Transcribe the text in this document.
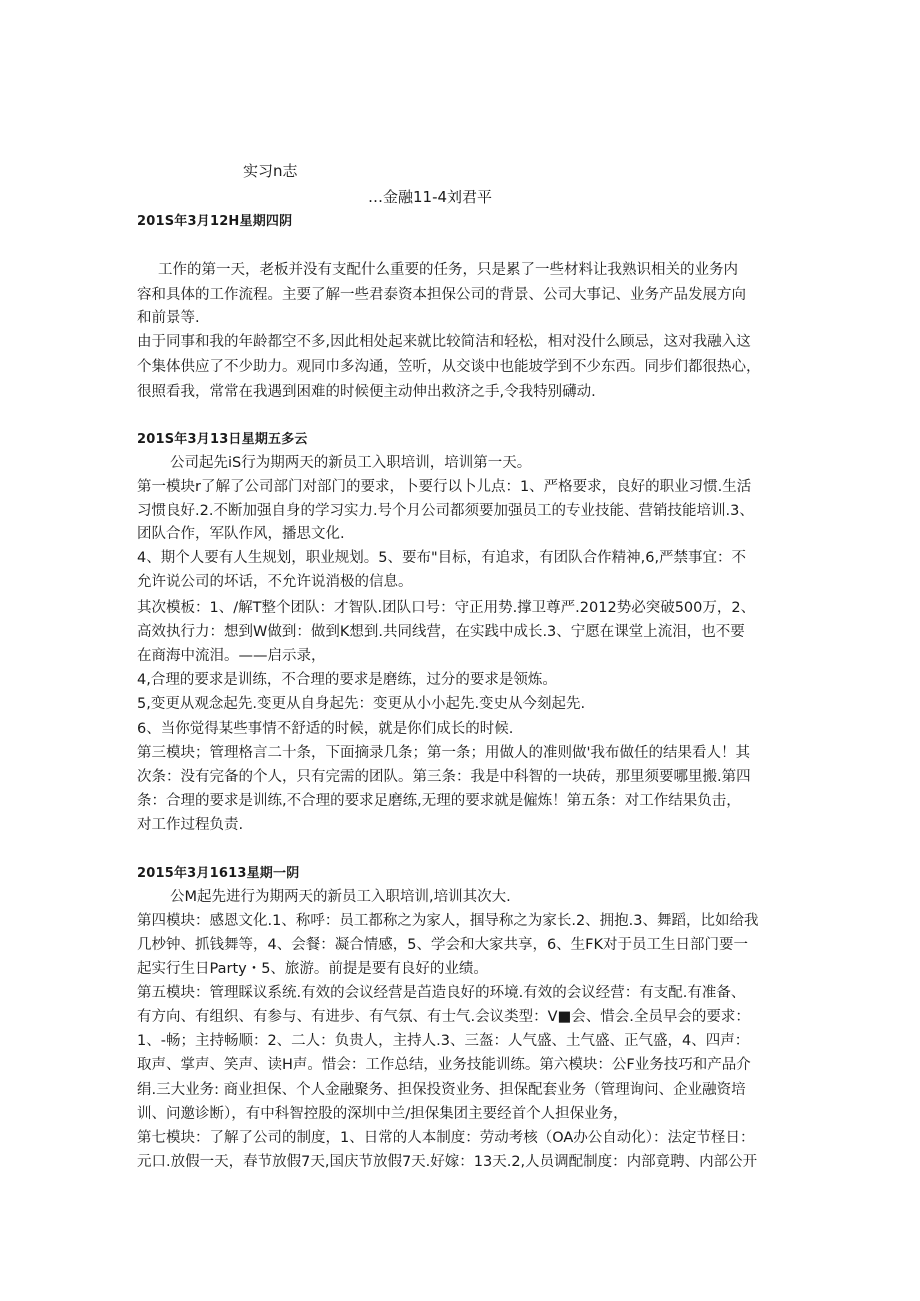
实习n志
…金融11-4刘君平
201S年3月12H星期四阴
工作的第一天，老板并没有支配什么重要的任务，只是累了一些材料让我熟识相关的业务内
容和具体的工作流程。主要了解一些君泰资本担保公司的背景、公司大事记、业务产品发展方向
和前景等.
由于同事和我的年龄都空不多,因此相处起来就比较简洁和轻松，相对没什么顾忌，这对我融入这
个集体供应了不少助力。观同巾多沟通，笠听，从交谈中也能坡学到不少东西。同步们都很热心，
很照看我，常常在我遇到困难的时候便主动伸出救济之手,令我特别礴动.
201S年3月13日星期五多云
公司起先iS行为期两天的新员工入职培训，培训第一天。
第一模块r了解了公司部门对部门的要求，卜要行以卜儿点：1、严格要求，良好的职业习惯.生活
习惯良好.2.不断加强自身的学习实力.号个月公司都须要加强员工的专业技能、营销技能培训.3、
团队合作，军队作风，播思文化.
4、期个人要有人生规划，职业规划。5、要布"目标，有追求，有团队合作精神,6,严禁事宜：不
允许说公司的坏话，不允许说消极的信息。
其次模板：1、/解T整个团队：才智队.团队口号：守正用势.撑卫尊严.2012势必突破500万，2、
高效执行力：想到W做到：做到K想到.共同线营，在实践中成长.3、宁愿在课堂上流泪，也不要
在商海中流泪。——启示录，
4,合理的要求是训练，不合理的要求是磨练，过分的要求是领炼。
5,变更从观念起先.变更从自身起先：变更从小小起先.变史从今刻起先.
6、当你觉得某些事情不舒适的时候，就是你们成长的时候.
第三模块；管理格言二十条，下面摘录几条；第一条；用做人的准则做'我布做任的结果看人！其
次条：没有完备的个人，只有完需的团队。第三条：我是中科智的一块砖，那里须要哪里搬.第四
条：合理的要求是训练,不合理的要求足磨练,无理的要求就是僱炼！第五条：对工作结果负击，
对工作过程负责.
2015年3月1613星期一阴
公M起先进行为期两天的新员工入职培训,培训其次大.
第四模块：感恩文化.1、称呼：员工都称之为家人，掴导称之为家长.2、拥抱.3、舞蹈，比如给我
几杪钟、抓钱舞等，4、会餐：凝合情感，5、学会和大家共享，6、生FK对于员工生日部门要一
起实行生日Party・5、旅游。前提是要有良好的业绩。
第五模块：管理睬议系统.有效的会议经营是苩造良好的环境.有效的会议经营：有支配.有准备、
有方向、有组织、有参与、有进步、有气氛、有士气.会议类型：V■会、惜会.全员早会的要求：
1、-畅；主持畅顺：2、二人：负贵人，主持人.3、三盔：人气盛、土气盛、正气盛，4、四声：
取声、掌声、笑声、读H声。惜会：工作总结，业务技能训练。第六模块：公F业务技巧和产品介
绢.三大业务: 商业担保、个人金融聚务、担保投资业务、担保配套业务（管理询问、企业融资培
训、问邀诊断），有中科智控股的深圳中兰/担保集团主要经首个人担保业务，
第七模块：了解了公司的制度，1、日常的人本制度：劳动考核（OA办公自动化）：法定节柽日：
元口.放假一天，春节放假7天,国庆节放假7天.好嫁：13天.2,人员调配制度：内部竟聘、内部公开
